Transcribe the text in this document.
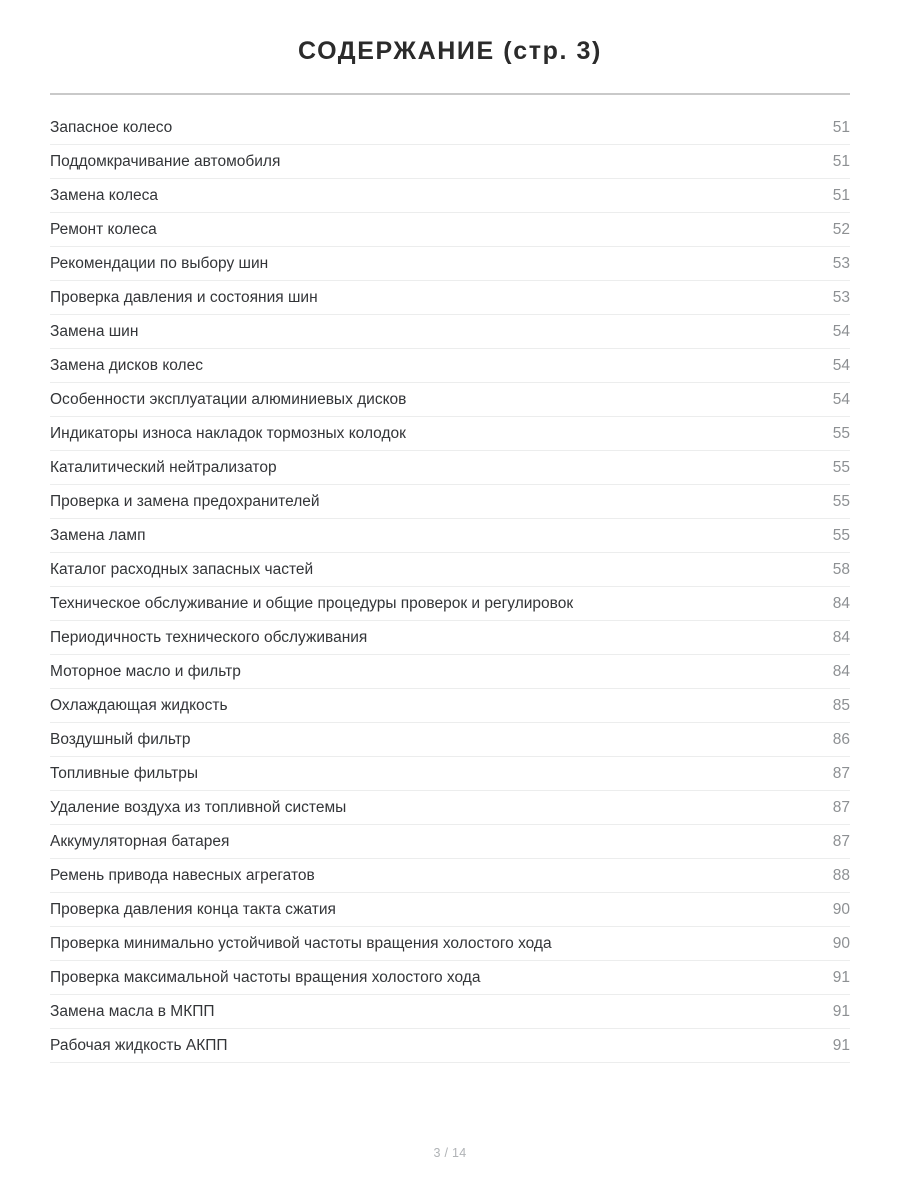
СОДЕРЖАНИЕ (стр. 3)
Запасное колесо	51
Поддомкрачивание автомобиля	51
Замена колеса	51
Ремонт колеса	52
Рекомендации по выбору шин	53
Проверка давления и состояния шин	53
Замена шин	54
Замена дисков колес	54
Особенности эксплуатации алюминиевых дисков	54
Индикаторы износа накладок тормозных колодок	55
Каталитический нейтрализатор	55
Проверка и замена предохранителей	55
Замена ламп	55
Каталог расходных запасных частей	58
Техническое обслуживание и общие процедуры проверок и регулировок	84
Периодичность технического обслуживания	84
Моторное масло и фильтр	84
Охлаждающая жидкость	85
Воздушный фильтр	86
Топливные фильтры	87
Удаление воздуха из топливной системы	87
Аккумуляторная батарея	87
Ремень привода навесных агрегатов	88
Проверка давления конца такта сжатия	90
Проверка минимально устойчивой частоты вращения холостого хода	90
Проверка максимальной частоты вращения холостого хода	91
Замена масла в МКПП	91
Рабочая жидкость АКПП	91
3 / 14
